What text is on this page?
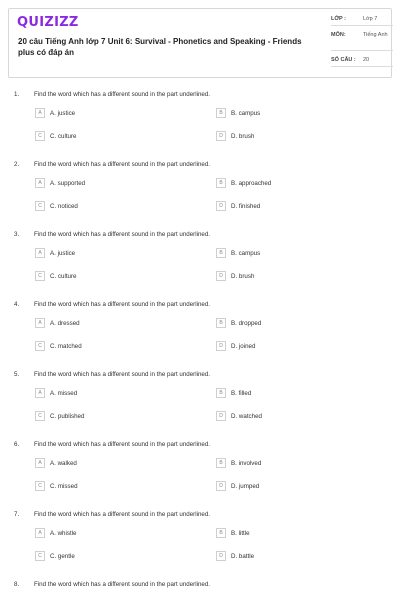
QUIZIZZ
20 câu Tiếng Anh lớp 7 Unit 6: Survival - Phonetics and Speaking - Friends plus có đáp án
LỚP :	Lớp 7
MÔN:	Tiếng Anh
SỐ CÂU : 20
1. Find the word which has a different sound in the part underlined.
A	A. justice	B	B. campus
C	C. culture	D	D. brush
2. Find the word which has a different sound in the part underlined.
A	A. supported	B	B. approached
C	C. noticed	D	D. finished
3. Find the word which has a different sound in the part underlined.
A	A. justice	B	B. campus
C	C. culture	D	D. brush
4. Find the word which has a different sound in the part underlined.
A	A. dressed	B	B. dropped
C	C. matched	D	D. joined
5. Find the word which has a different sound in the part underlined.
A	A. missed	B	B. filled
C	C. published	D	D. watched
6. Find the word which has a different sound in the part underlined.
A	A. walked	B	B. involved
C	C. missed	D	D. jumped
7. Find the word which has a different sound in the part underlined.
A	A. whistle	B	B. little
C	C. gentle	D	D. battle
8. Find the word which has a different sound in the part underlined.
